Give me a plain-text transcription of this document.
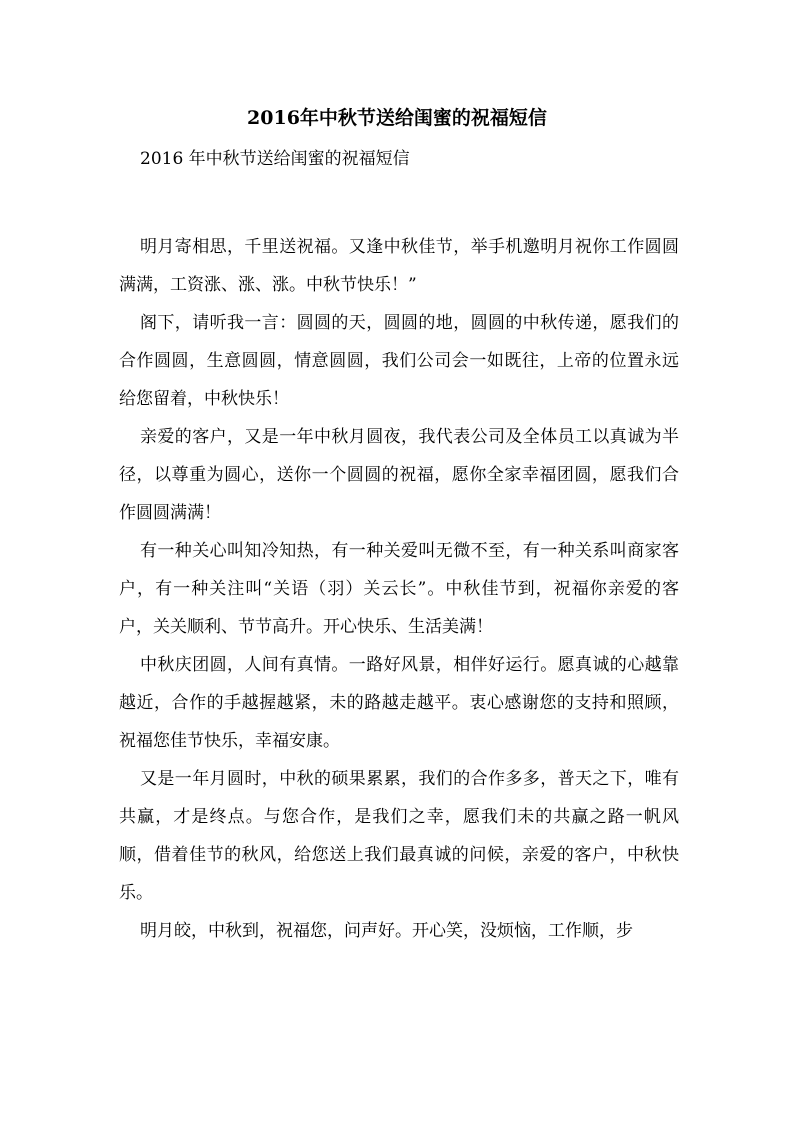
2016年中秋节送给闺蜜的祝福短信

2016 年中秋节送给闺蜜的祝福短信

明月寄相思，千里送祝福。又逢中秋佳节，举手机邀明月祝你工作圆圆满满，工资涨、涨、涨。中秋节快乐！”

阁下，请听我一言：圆圆的天，圆圆的地，圆圆的中秋传递，愿我们的合作圆圆，生意圆圆，情意圆圆，我们公司会一如既往，上帝的位置永远给您留着，中秋快乐！

亲爱的客户，又是一年中秋月圆夜，我代表公司及全体员工以真诚为半径，以尊重为圆心，送你一个圆圆的祝福，愿你全家幸福团圆，愿我们合作圆圆满满！

有一种关心叫知冷知热，有一种关爱叫无微不至，有一种关系叫商家客户，有一种关注叫“关语（羽）关云长”。中秋佳节到，祝福你亲爱的客户，关关顺利、节节高升。开心快乐、生活美满！

中秋庆团圆，人间有真情。一路好风景，相伴好运行。愿真诚的心越靠越近，合作的手越握越紧，未的路越走越平。衷心感谢您的支持和照顾，祝福您佳节快乐，幸福安康。

又是一年月圆时，中秋的硕果累累，我们的合作多多，普天之下，唯有共赢，才是终点。与您合作，是我们之幸，愿我们未的共赢之路一帆风顺，借着佳节的秋风，给您送上我们最真诚的问候，亲爱的客户，中秋快乐。

明月皎，中秋到，祝福您，问声好。开心笑，没烦恼，工作顺，步
